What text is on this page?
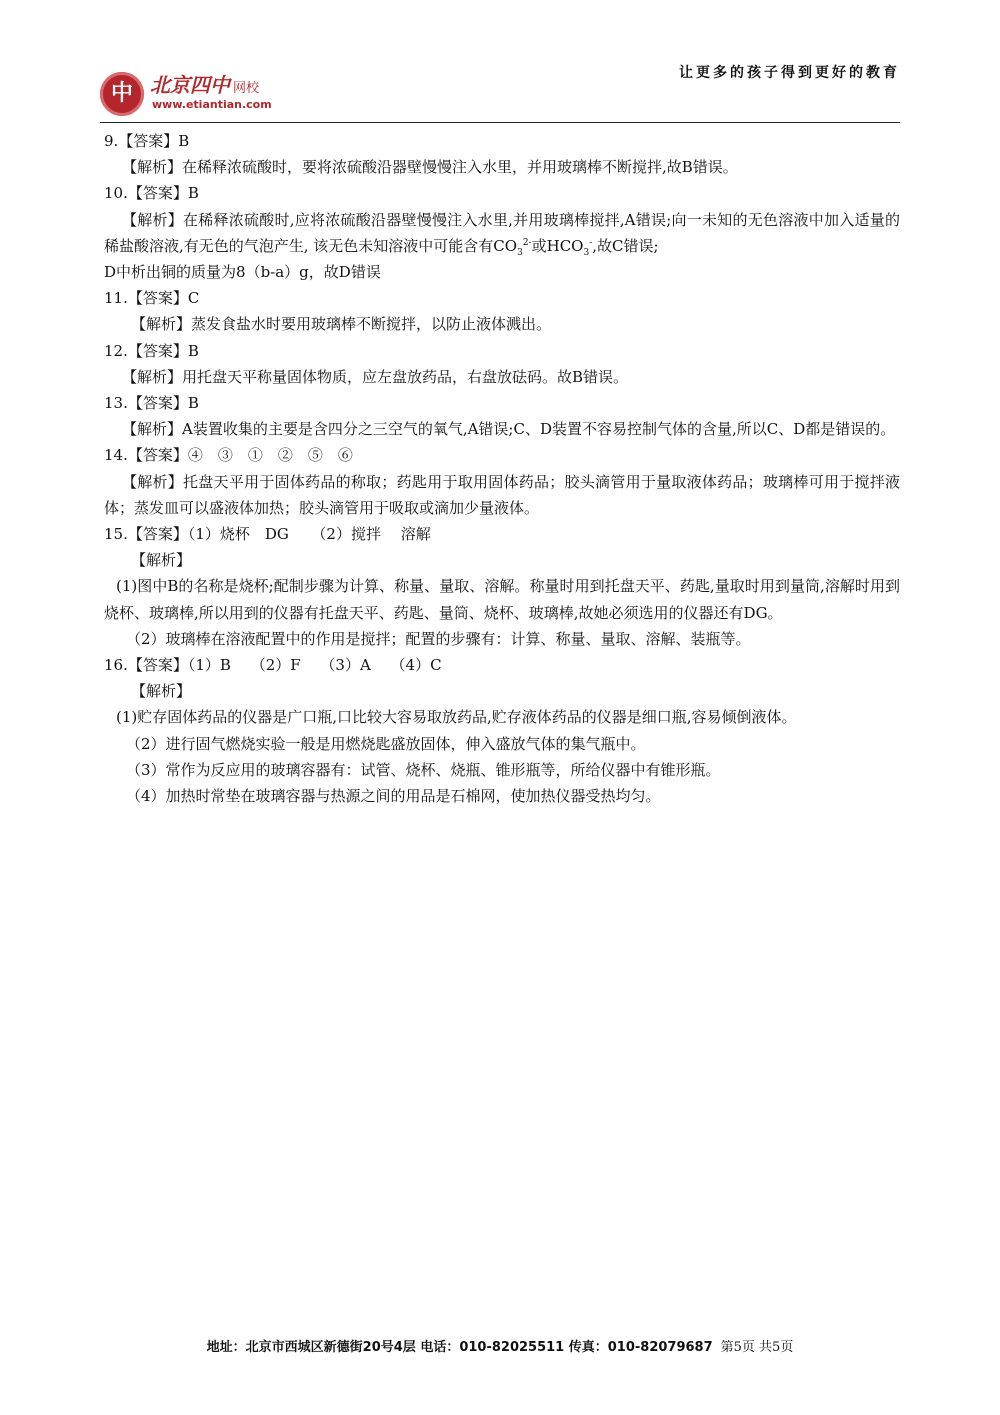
中 北京四中 网校
www.etiantian.com
让更多的孩子得到更好的教育
9.【答案】B
【解析】在稀释浓硫酸时，要将浓硫酸沿器壁慢慢注入水里，并用玻璃棒不断搅拌,故B错误。
10.【答案】B
【解析】在稀释浓硫酸时,应将浓硫酸沿器壁慢慢注入水里,并用玻璃棒搅拌,A错误;向一未知的无色溶液中加入适量的稀盐酸溶液,有无色的气泡产生, 该无色未知溶液中可能含有$CO_3^{2-}$或$HCO_3^-$,故C错误;
D中析出铜的质量为8（b-a）g，故D错误
11.【答案】C
【解析】蒸发食盐水时要用玻璃棒不断搅拌，以防止液体溅出。
12.【答案】B
【解析】用托盘天平称量固体物质，应左盘放药品，右盘放砝码。故B错误。
13.【答案】B
【解析】A装置收集的主要是含四分之三空气的氧气,A错误;C、D装置不容易控制气体的含量,所以C、D都是错误的。
14.【答案】④　③　①　②　⑤　⑥
【解析】托盘天平用于固体药品的称取；药匙用于取用固体药品；胶头滴管用于量取液体药品；玻璃棒可用于搅拌液体；蒸发皿可以盛液体加热；胶头滴管用于吸取或滴加少量液体。
15.【答案】（1）烧杯　DG　　（2）搅拌　 溶解
【解析】
(1)图中B的名称是烧杯;配制步骤为计算、称量、量取、溶解。称量时用到托盘天平、药匙,量取时用到量筒,溶解时用到烧杯、玻璃棒,所以用到的仪器有托盘天平、药匙、量筒、烧杯、玻璃棒,故她必须选用的仪器还有DG。
（2）玻璃棒在溶液配置中的作用是搅拌；配置的步骤有：计算、称量、量取、溶解、装瓶等。
16.【答案】（1）B　 （2）F　 （3）A　 （4）C
【解析】
(1)贮存固体药品的仪器是广口瓶,口比较大容易取放药品,贮存液体药品的仪器是细口瓶,容易倾倒液体。
（2）进行固气燃烧实验一般是用燃烧匙盛放固体，伸入盛放气体的集气瓶中。
（3）常作为反应用的玻璃容器有：试管、烧杯、烧瓶、锥形瓶等，所给仪器中有锥形瓶。
（4）加热时常垫在玻璃容器与热源之间的用品是石棉网，使加热仪器受热均匀。
地址：北京市西城区新德街20号4层 电话：010-82025511 传真：010-82079687 第5页 共5页
